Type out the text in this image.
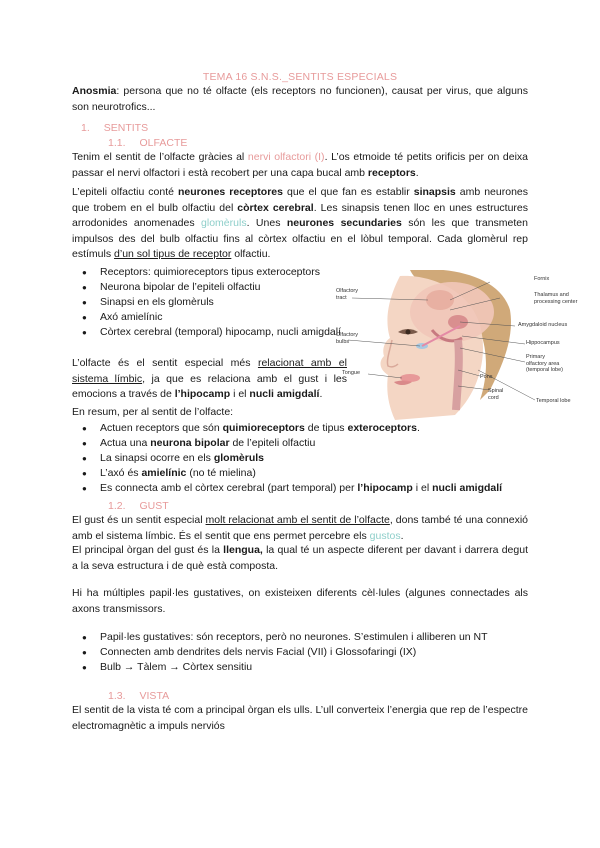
TEMA 16 S.N.S._SENTITS ESPECIALS
Anosmia: persona que no té olfacte (els receptors no funcionen), causat per virus, que alguns son neurotrofics...
1. SENTITS
1.1. OLFACTE
Tenim el sentit de l’olfacte gràcies al nervi olfactori (I). L’os etmoide té petits orificis per on deixa passar el nervi olfactori i està recobert per una capa bucal amb receptors.
L’epiteli olfactiu conté neurones receptores que el que fan es establir sinapsis amb neurones que trobem en el bulb olfactiu del còrtex cerebral. Les sinapsis tenen lloc en unes estructures arrodonides anomenades glomèruls. Unes neurones secundaries són les que transmeten impulsos des del bulb olfactiu fins al còrtex olfactiu en el lòbul temporal. Cada glomèrul rep estímuls d’un sol tipus de receptor olfactiu.
● Receptors: quimioreceptors tipus exteroceptors
● Neurona bipolar de l’epiteli olfactiu
● Sinapsi en els glomèruls
● Axó amielínic
● Còrtex cerebral (temporal) hipocamp, nucli amigdalí
L’olfacte és el sentit especial més relacionat amb el sistema límbic, ja que es relaciona amb el gust i les emocions a través de l’hipocamp i el nucli amigdalí.
En resum, per al sentit de l’olfacte:
● Actuen receptors que són quimioreceptors de tipus exteroceptors.
● Actua una neurona bipolar de l’epiteli olfactiu
● La sinapsi ocorre en els glomèruls
● L’axó és amielínic (no té mielina)
● Es connecta amb el còrtex cerebral (part temporal) per l’hipocamp i el nucli amigdalí
Fornix
Thalamus and
processing center
Olfactory
tract
Amygdaloid nucleus
Hippocampus
Olfactory
bulbs
Primary
olfactory area
(temporal lobe)
Tongue
Pons
Spinal
cord
Temporal lobe
1.2. GUST
El gust és un sentit especial molt relacionat amb el sentit de l’olfacte, dons també té una connexió amb el sistema límbic. És el sentit que ens permet percebre els gustos.
El principal òrgan del gust és la llengua, la qual té un aspecte diferent per davant i darrera degut a la seva estructura i de què està composta.
Hi ha múltiples papil·les gustatives, on existeixen diferents cèl·lules (algunes connectades als axons transmissors.
● Papil·les gustatives: són receptors, però no neurones. S’estimulen i alliberen un NT
● Connecten amb dendrites dels nervis Facial (VII) i Glossofaringi (IX)
● Bulb → Tàlem → Còrtex sensitiu
1.3. VISTA
El sentit de la vista té com a principal òrgan els ulls. L’ull converteix l’energia que rep de l’espectre electromagnètic a impuls nerviós
